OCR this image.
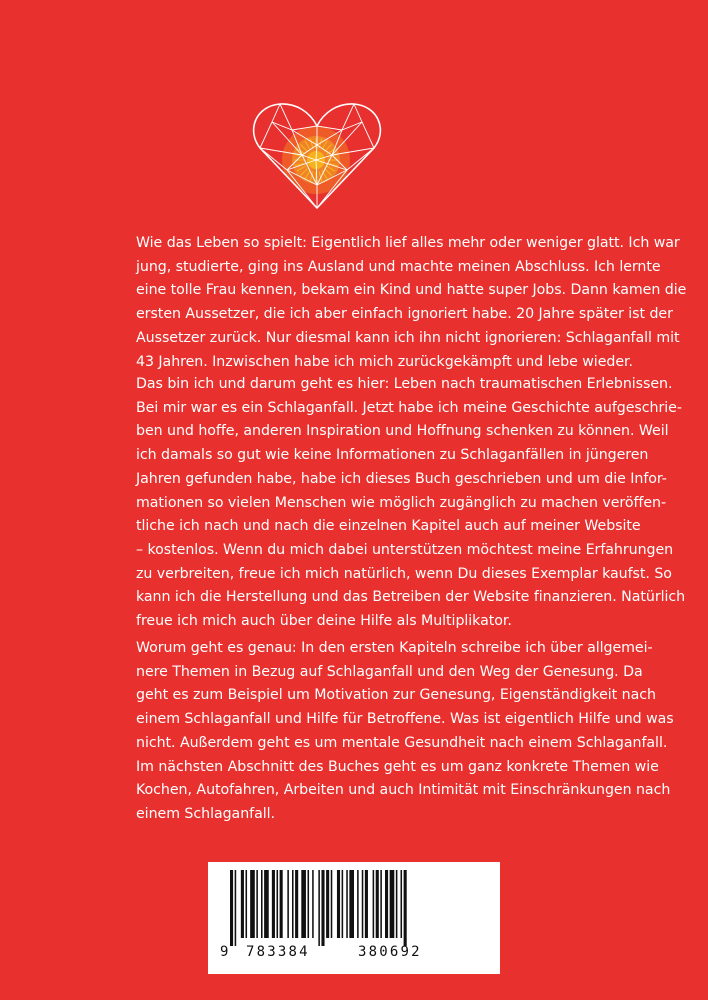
Wie das Leben so spielt: Eigentlich lief alles mehr oder weniger glatt. Ich war
jung, studierte, ging ins Ausland und machte meinen Abschluss. Ich lernte
eine tolle Frau kennen, bekam ein Kind und hatte super Jobs. Dann kamen die
ersten Aussetzer, die ich aber einfach ignoriert habe. 20 Jahre später ist der
Aussetzer zurück. Nur diesmal kann ich ihn nicht ignorieren: Schlaganfall mit
43 Jahren. Inzwischen habe ich mich zurückgekämpft und lebe wieder.
Das bin ich und darum geht es hier: Leben nach traumatischen Erlebnissen.
Bei mir war es ein Schlaganfall. Jetzt habe ich meine Geschichte aufgeschrie-
ben und hoffe, anderen Inspiration und Hoffnung schenken zu können. Weil
ich damals so gut wie keine Informationen zu Schlaganfällen in jüngeren
Jahren gefunden habe, habe ich dieses Buch geschrieben und um die Infor-
mationen so vielen Menschen wie möglich zugänglich zu machen veröffen-
tliche ich nach und nach die einzelnen Kapitel auch auf meiner Website
– kostenlos. Wenn du mich dabei unterstützen möchtest meine Erfahrungen
zu verbreiten, freue ich mich natürlich, wenn Du dieses Exemplar kaufst. So
kann ich die Herstellung und das Betreiben der Website finanzieren. Natürlich
freue ich mich auch über deine Hilfe als Multiplikator.
Worum geht es genau: In den ersten Kapiteln schreibe ich über allgemei-
nere Themen in Bezug auf Schlaganfall und den Weg der Genesung. Da
geht es zum Beispiel um Motivation zur Genesung, Eigenständigkeit nach
einem Schlaganfall und Hilfe für Betroffene. Was ist eigentlich Hilfe und was
nicht. Außerdem geht es um mentale Gesundheit nach einem Schlaganfall.
Im nächsten Abschnitt des Buches geht es um ganz konkrete Themen wie
Kochen, Autofahren, Arbeiten und auch Intimität mit Einschränkungen nach
einem Schlaganfall.
9 783384	380692
